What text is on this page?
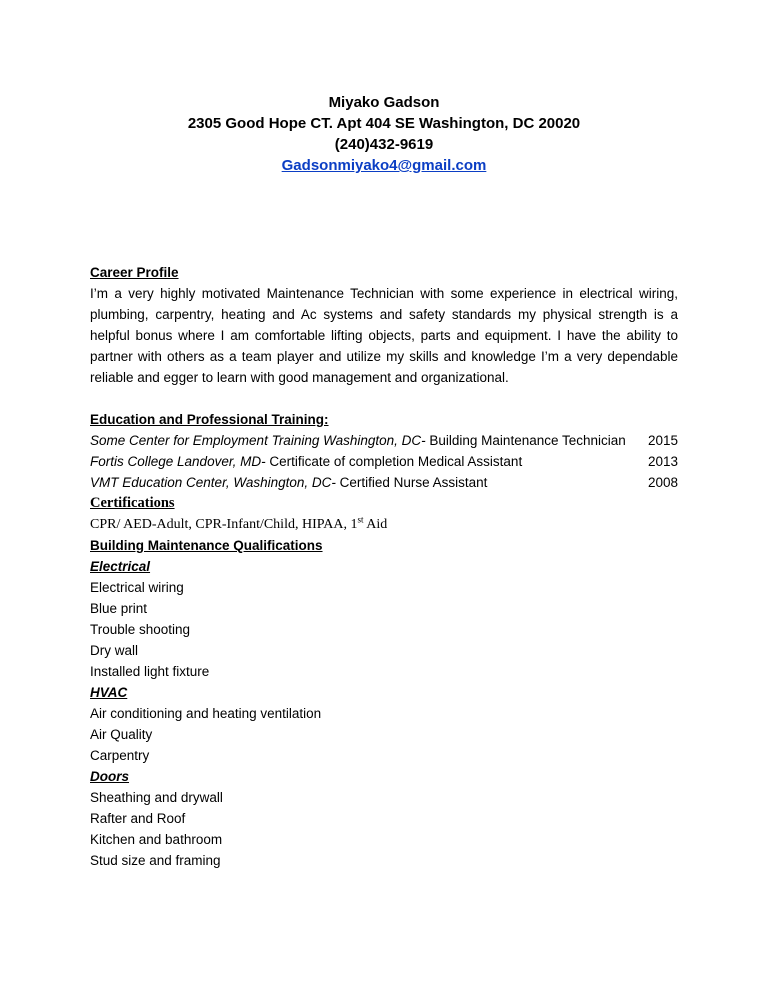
Miyako Gadson
2305 Good Hope CT. Apt 404 SE Washington, DC 20020
(240)432-9619
Gadsonmiyako4@gmail.com
Career Profile

I’m a very highly motivated Maintenance Technician with some experience in electrical wiring,

plumbing, carpentry, heating and Ac systems and safety standards my physical strength is a

helpful bonus where I am comfortable lifting objects, parts and equipment. I have the ability to

partner with others as a team player and utilize my skills and knowledge I’m a very dependable

reliable and egger to learn with good management and organizational.

Education and Professional Training:
Some Center for Employment Training Washington, DC- Building Maintenance Technician 2015
Fortis College Landover, MD- Certificate of completion Medical Assistant	2013
VMT Education Center, Washington, DC- Certified Nurse Assistant	2008
Certifications
CPR/ AED-Adult, CPR-Infant/Child, HIPAA, 1st Aid
Building Maintenance Qualifications
Electrical
Electrical wiring
Blue print
Trouble shooting
Dry wall
Installed light fixture
HVAC
Air conditioning and heating ventilation
Air Quality
Carpentry
Doors
Sheathing and drywall
Rafter and Roof
Kitchen and bathroom
Stud size and framing
